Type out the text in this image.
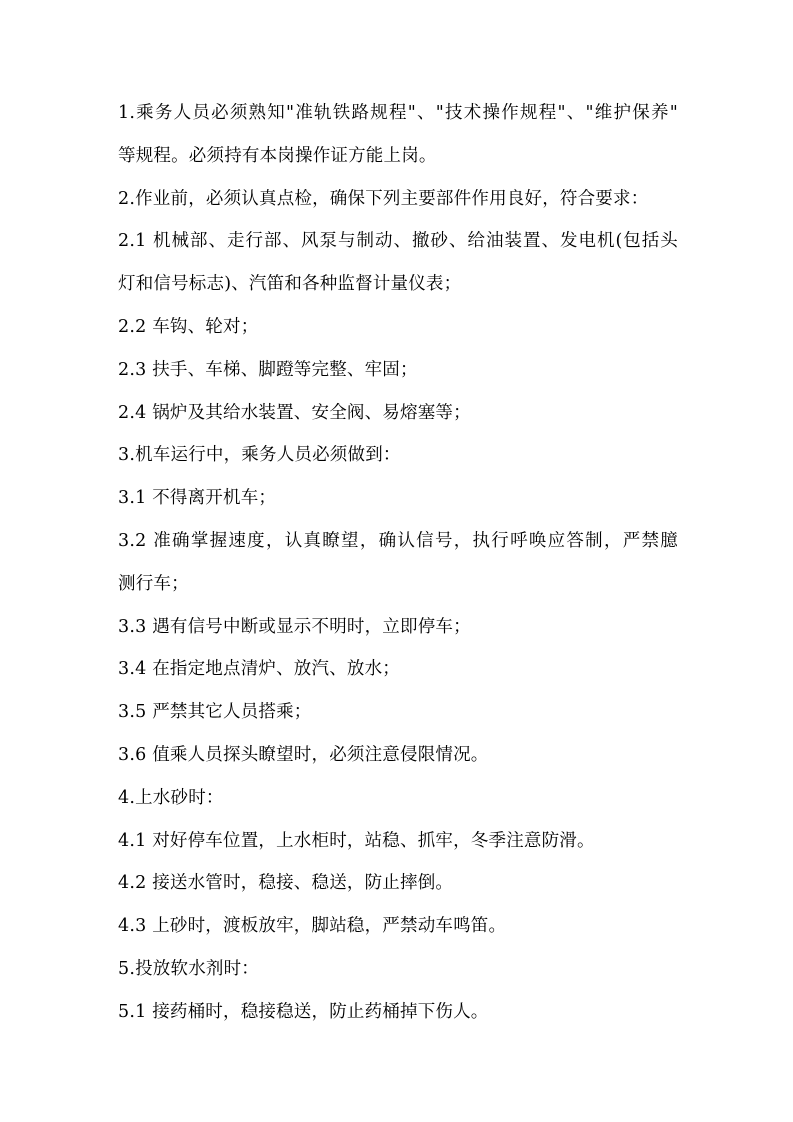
1.乘务人员必须熟知"准轨铁路规程"、"技术操作规程"、"维护保养"
等规程。必须持有本岗操作证方能上岗。
2.作业前，必须认真点检，确保下列主要部件作用良好，符合要求：
2.1 机械部、走行部、风泵与制动、撤砂、给油装置、发电机(包括头
灯和信号标志)、汽笛和各种监督计量仪表；
2.2 车钩、轮对；
2.3 扶手、车梯、脚蹬等完整、牢固；
2.4 锅炉及其给水装置、安全阀、易熔塞等；
3.机车运行中，乘务人员必须做到：
3.1 不得离开机车；
3.2 准确掌握速度，认真瞭望，确认信号，执行呼唤应答制，严禁臆
测行车；
3.3 遇有信号中断或显示不明时，立即停车；
3.4 在指定地点清炉、放汽、放水；
3.5 严禁其它人员搭乘；
3.6 值乘人员探头瞭望时，必须注意侵限情况。
4.上水砂时：
4.1 对好停车位置，上水柜时，站稳、抓牢，冬季注意防滑。
4.2 接送水管时，稳接、稳送，防止摔倒。
4.3 上砂时，渡板放牢，脚站稳，严禁动车鸣笛。
5.投放软水剂时：
5.1 接药桶时，稳接稳送，防止药桶掉下伤人。
